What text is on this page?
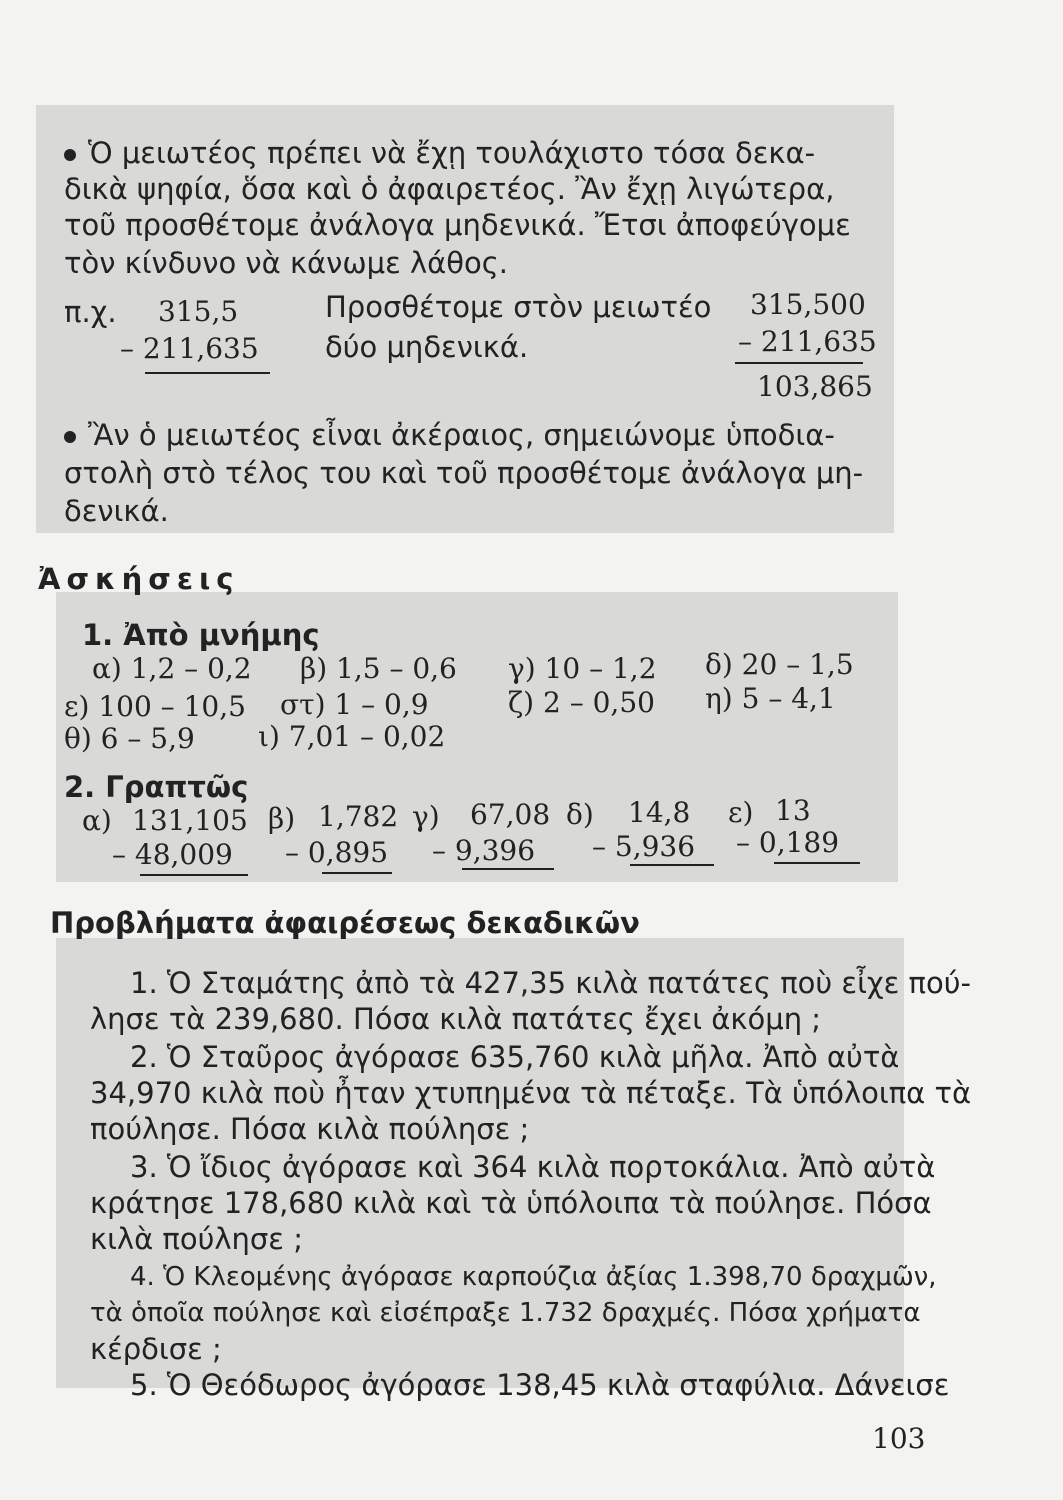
Ὁ μειωτέος πρέπει νὰ ἔχῃ τουλάχιστο τόσα δεκα-
δικὰ ψηφία, ὅσα καὶ ὁ ἀφαιρετέος. Ἂν ἔχῃ λιγώτερα,
τοῦ προσθέτομε ἀνάλογα μηδενικά. Ἔτσι ἀποφεύγομε
τὸν κίνδυνο νὰ κάνωμε λάθος.
π.χ. 315,5
– 211,635
Προσθέτομε στὸν μειωτέο
δύο μηδενικά.
315,500
– 211,635
103,865
Ἂν ὁ μειωτέος εἶναι ἀκέραιος, σημειώνομε ὑποδια-
στολὴ στὸ τέλος του καὶ τοῦ προσθέτομε ἀνάλογα μη-
δενικά.
Ἀσκήσεις
1. Ἀπὸ μνήμης
α) 1,2 – 0,2 β) 1,5 – 0,6 γ) 10 – 1,2 δ) 20 – 1,5
ε) 100 – 10,5 στ) 1 – 0,9	ζ) 2 – 0,50 η) 5 – 4,1
θ) 6 – 5,9 ι) 7,01 – 0,02
2. Γραπτῶς
α) 131,105
– 48,009
β) 1,782
– 0,895
γ) 67,08
– 9,396
δ) 14,8
– 5,936
ε) 13
– 0,189
Προβλήματα ἀφαιρέσεως δεκαδικῶν
1. Ὁ Σταμάτης ἀπὸ τὰ 427,35 κιλὰ πατάτες ποὺ εἶχε πού-
λησε τὰ 239,680. Πόσα κιλὰ πατάτες ἔχει ἀκόμη ;
2. Ὁ Σταῦρος ἀγόρασε 635,760 κιλὰ μῆλα. Ἀπὸ αὐτὰ
34,970 κιλὰ ποὺ ἦταν χτυπημένα τὰ πέταξε. Τὰ ὑπόλοιπα τὰ
πούλησε. Πόσα κιλὰ πούλησε ;
3. Ὁ ἴδιος ἀγόρασε καὶ 364 κιλὰ πορτοκάλια. Ἀπὸ αὐτὰ
κράτησε 178,680 κιλὰ καὶ τὰ ὑπόλοιπα τὰ πούλησε. Πόσα
κιλὰ πούλησε ;
4. Ὁ Κλεομένης ἀγόρασε καρπούζια ἀξίας 1.398,70 δραχμῶν,
τὰ ὁποῖα πούλησε καὶ εἰσέπραξε 1.732 δραχμές. Πόσα χρήματα
κέρδισε ;
5. Ὁ Θεόδωρος ἀγόρασε 138,45 κιλὰ σταφύλια. Δάνεισε
103
